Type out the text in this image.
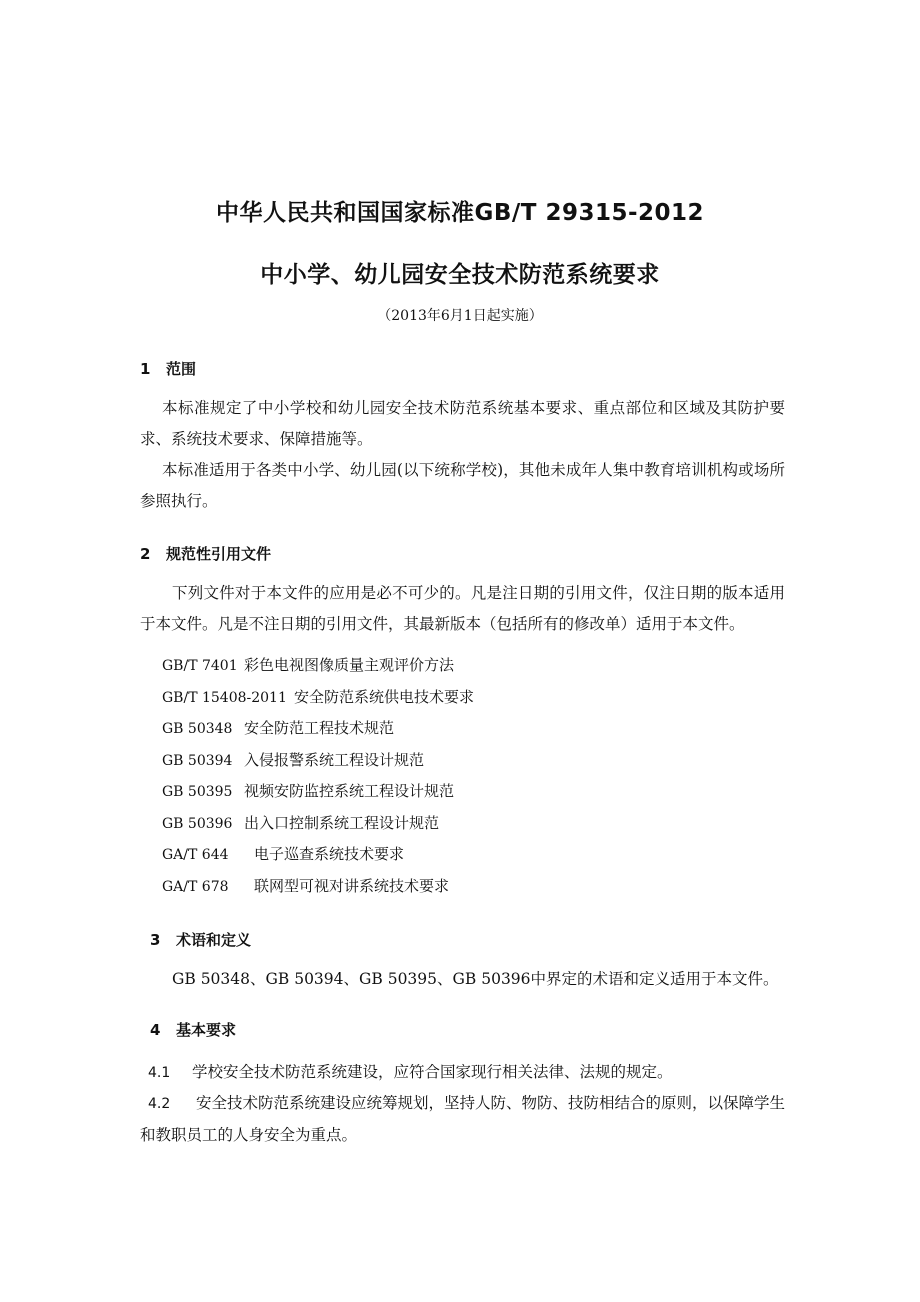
中华人民共和国国家标准GB/T 29315-2012
中小学、幼儿园安全技术防范系统要求
（2013年6月1日起实施）
1 范围

本标准规定了中小学校和幼儿园安全技术防范系统基本要求、重点部位和区域及其防护要求、系统技术要求、保障措施等。

本标准适用于各类中小学、幼儿园(以下统称学校)，其他未成年人集中教育培训机构或场所参照执行。

2 规范性引用文件

下列文件对于本文件的应用是必不可少的。凡是注日期的引用文件，仅注日期的版本适用于本文件。凡是不注日期的引用文件，其最新版本（包括所有的修改单）适用于本文件。

GB/T 7401 彩色电视图像质量主观评价方法
GB/T 15408-2011 安全防范系统供电技术要求
GB 50348 安全防范工程技术规范
GB 50394 入侵报警系统工程设计规范
GB 50395 视频安防监控系统工程设计规范
GB 50396 出入口控制系统工程设计规范
GA/T 644 电子巡查系统技术要求
GA/T 678 联网型可视对讲系统技术要求
3 术语和定义

GB 50348、GB 50394、GB 50395、GB 50396中界定的术语和定义适用于本文件。

4 基本要求
4.1 学校安全技术防范系统建设，应符合国家现行相关法律、法规的规定。
4.2 安全技术防范系统建设应统筹规划，坚持人防、物防、技防相结合的原则，以保障学生和教职员工的人身安全为重点。
